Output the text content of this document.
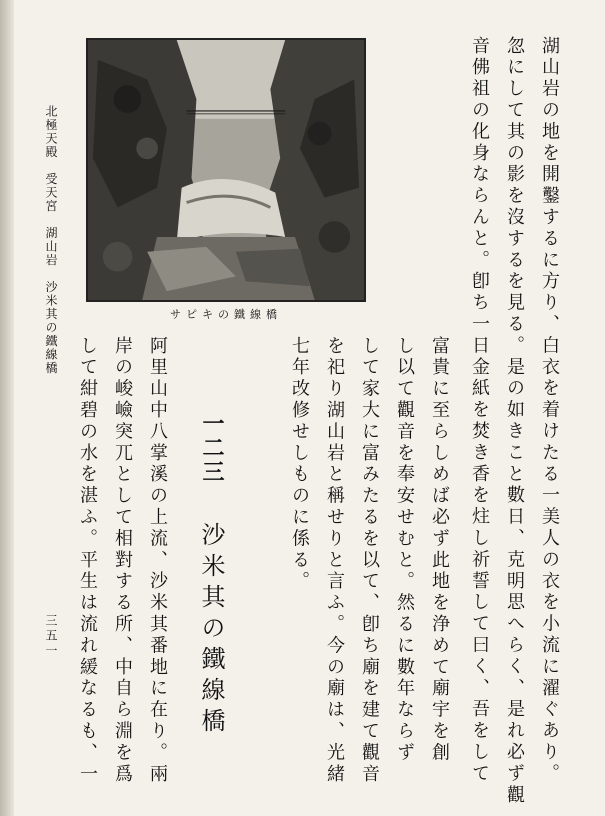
北極天殿　受天宮　湖山岩　沙米其の鐵線橋
三五一
サピキの鐵線橋	湖山岩の地を開鑿するに方り、白衣を着けたる一美人の衣を小流に濯ぐあり。
忽にして其の影を沒するを見る。是の如きこと數日、克明思へらく、是れ必ず觀
音佛祖の化身ならんと。卽ち一日金紙を焚き香を炷し祈誓して曰く、吾をして
富貴に至らしめば必ず此地を浄めて廟宇を創
し以て觀音を奉安せむと。然るに數年ならず
して家大に富みたるを以て、卽ち廟を建て觀音
を祀り湖山岩と稱せりと言ふ。今の廟は、光緒
七年改修せしものに係る。
一二三
沙米其の鐵線橋
阿里山中八掌溪の上流、沙米其番地に在り。兩
岸の峻嶮突兀として相對する所、中自ら淵を爲
して紺碧の水を湛ふ。平生は流れ緩なるも、一
